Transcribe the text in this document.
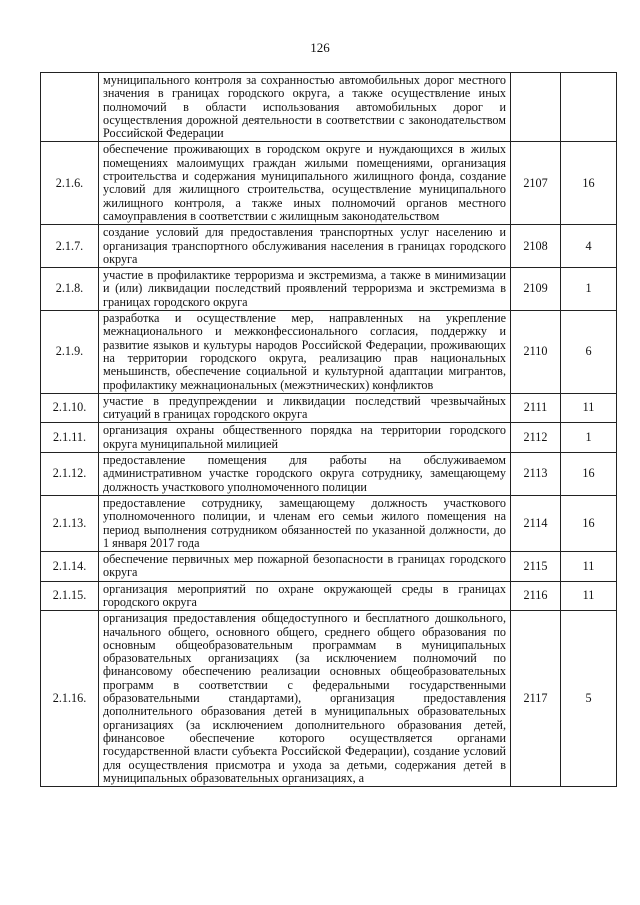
126
	муниципального контроля за сохранностью автомобильных дорог местного значения в границах городского округа, а также осуществление иных полномочий в области использования автомобильных дорог и осуществления дорожной деятельности в соответствии с законодательством Российской Федерации		
2.1.6.	обеспечение проживающих в городском округе и нуждающихся в жилых помещениях малоимущих граждан жилыми помещениями, организация строительства и содержания муниципального жилищного фонда, создание условий для жилищного строительства, осуществление муниципального жилищного контроля, а также иных полномочий органов местного самоуправления в соответствии с жилищным законодательством	2107	16
2.1.7.	создание условий для предоставления транспортных услуг населению и организация транспортного обслуживания населения в границах городского округа	2108	4
2.1.8.	участие в профилактике терроризма и экстремизма, а также в минимизации и (или) ликвидации последствий проявлений терроризма и экстремизма в границах городского округа	2109	1
2.1.9.	разработка и осуществление мер, направленных на укрепление межнационального и межконфессионального согласия, поддержку и развитие языков и культуры народов Российской Федерации, проживающих на территории городского округа, реализацию прав национальных меньшинств, обеспечение социальной и культурной адаптации мигрантов, профилактику межнациональных (межэтнических) конфликтов	2110	6
2.1.10.	участие в предупреждении и ликвидации последствий чрезвычайных ситуаций в границах городского округа	2111	11
2.1.11.	организация охраны общественного порядка на территории городского округа муниципальной милицией	2112	1
2.1.12.	предоставление помещения для работы на обслуживаемом административном участке городского округа сотруднику, замещающему должность участкового уполномоченного полиции	2113	16
2.1.13.	предоставление сотруднику, замещающему должность участкового уполномоченного полиции, и членам его семьи жилого помещения на период выполнения сотрудником обязанностей по указанной должности, до 1 января 2017 года	2114	16
2.1.14.	обеспечение первичных мер пожарной безопасности в границах городского округа	2115	11
2.1.15.	организация мероприятий по охране окружающей среды в границах городского округа	2116	11
2.1.16.	организация предоставления общедоступного и бесплатного дошкольного, начального общего, основного общего, среднего общего образования по основным общеобразовательным программам в муниципальных образовательных организациях (за исключением полномочий по финансовому обеспечению реализации основных общеобразовательных программ в соответствии с федеральными государственными образовательными стандартами), организация предоставления дополнительного образования детей в муниципальных образовательных организациях (за исключением дополнительного образования детей, финансовое обеспечение которого осуществляется органами государственной власти субъекта Российской Федерации), создание условий для осуществления присмотра и ухода за детьми, содержания детей в муниципальных образовательных организациях, а	2117	5
